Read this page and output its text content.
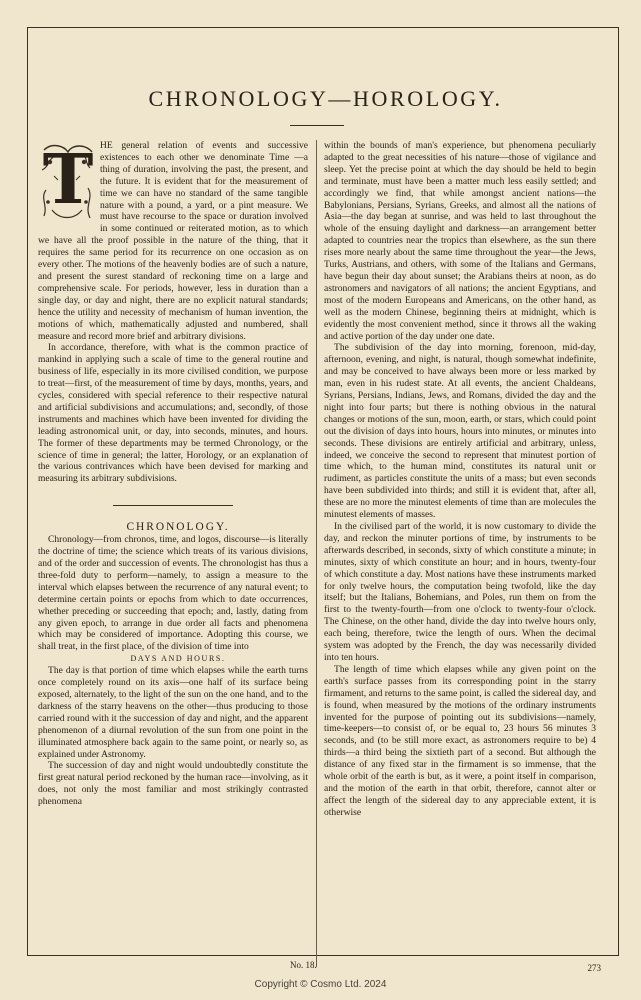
CHRONOLOGY—HOROLOGY.
T HE general relation of events and successive existences to each other we denominate Time —a thing of duration, involving the past, the present, and the future. It is evident that for the measurement of time we can have no standard of the same tangible nature with a pound, a yard, or a pint measure. We must have recourse to the space or duration involved in some continued or reiterated motion, as to which we have all the proof possible in the nature of the thing, that it requires the same period for its recurrence on one occasion as on every other. The motions of the heavenly bodies are of such a nature, and present the surest standard of reckoning time on a large and comprehensive scale. For periods, however, less in duration than a single day, or day and night, there are no explicit natural standards; hence the utility and necessity of mechanism of human invention, the motions of which, mathematically adjusted and numbered, shall measure and record more brief and arbitrary divisions.

In accordance, therefore, with what is the common practice of mankind in applying such a scale of time to the general routine and business of life, especially in its more civilised condition, we purpose to treat—first, of the measurement of time by days, months, years, and cycles, considered with special reference to their respective natural and artificial subdivisions and accumulations; and, secondly, of those instruments and machines which have been invented for dividing the leading astronomical unit, or day, into seconds, minutes, and hours. The former of these departments may be termed Chronology, or the science of time in general; the latter, Horology, or an explanation of the various contrivances which have been devised for marking and measuring its arbitrary subdivisions.

CHRONOLOGY.

Chronology—from chronos, time, and logos, discourse—is literally the doctrine of time; the science which treats of its various divisions, and of the order and succession of events. The chronologist has thus a three-fold duty to perform—namely, to assign a measure to the interval which elapses between the recurrence of any natural event; to determine certain points or epochs from which to date occurrences, whether preceding or succeeding that epoch; and, lastly, dating from any given epoch, to arrange in due order all facts and phenomena which may be considered of importance. Adopting this course, we shall treat, in the first place, of the division of time into

DAYS AND HOURS.

The day is that portion of time which elapses while the earth turns once completely round on its axis—one half of its surface being exposed, alternately, to the light of the sun on the one hand, and to the darkness of the starry heavens on the other—thus producing to those carried round with it the succession of day and night, and the apparent phenomenon of a diurnal revolution of the sun from one point in the illuminated atmosphere back again to the same point, or nearly so, as explained under Astronomy.

The succession of day and night would undoubtedly constitute the first great natural period reckoned by the human race—involving, as it does, not only the most familiar and most strikingly contrasted phenomena

within the bounds of man's experience, but phenomena peculiarly adapted to the great necessities of his nature—those of vigilance and sleep. Yet the precise point at which the day should be held to begin and terminate, must have been a matter much less easily settled; and accordingly we find, that while amongst ancient nations—the Babylonians, Persians, Syrians, Greeks, and almost all the nations of Asia—the day began at sunrise, and was held to last throughout the whole of the ensuing daylight and darkness—an arrangement better adapted to countries near the tropics than elsewhere, as the sun there rises more nearly about the same time throughout the year—the Jews, Turks, Austrians, and others, with some of the Italians and Germans, have begun their day about sunset; the Arabians theirs at noon, as do astronomers and navigators of all nations; the ancient Egyptians, and most of the modern Europeans and Americans, on the other hand, as well as the modern Chinese, beginning theirs at midnight, which is evidently the most convenient method, since it throws all the waking and active portion of the day under one date.

The subdivision of the day into morning, forenoon, mid-day, afternoon, evening, and night, is natural, though somewhat indefinite, and may be conceived to have always been more or less marked by man, even in his rudest state. At all events, the ancient Chaldeans, Syrians, Persians, Indians, Jews, and Romans, divided the day and the night into four parts; but there is nothing obvious in the natural changes or motions of the sun, moon, earth, or stars, which could point out the division of days into hours, hours into minutes, or minutes into seconds. These divisions are entirely artificial and arbitrary, unless, indeed, we conceive the second to represent that minutest portion of time which, to the human mind, constitutes its natural unit or rudiment, as particles constitute the units of a mass; but even seconds have been subdivided into thirds; and still it is evident that, after all, these are no more the minutest elements of time than are molecules the minutest elements of masses.

In the civilised part of the world, it is now customary to divide the day, and reckon the minuter portions of time, by instruments to be afterwards described, in seconds, sixty of which constitute a minute; in minutes, sixty of which constitute an hour; and in hours, twenty-four of which constitute a day. Most nations have these instruments marked for only twelve hours, the computation being twofold, like the day itself; but the Italians, Bohemians, and Poles, run them on from the first to the twenty-fourth—from one o'clock to twenty-four o'clock. The Chinese, on the other hand, divide the day into twelve hours only, each being, therefore, twice the length of ours. When the decimal system was adopted by the French, the day was necessarily divided into ten hours.

The length of time which elapses while any given point on the earth's surface passes from its corresponding point in the starry firmament, and returns to the same point, is called the sidereal day, and is found, when measured by the motions of the ordinary instruments invented for the purpose of pointing out its subdivisions—namely, time-keepers—to consist of, or be equal to, 23 hours 56 minutes 3 seconds, and (to be still more exact, as astronomers require to be) 4 thirds—a third being the sixtieth part of a second. But although the distance of any fixed star in the firmament is so immense, that the whole orbit of the earth is but, as it were, a point itself in comparison, and the motion of the earth in that orbit, therefore, cannot alter or affect the length of the sidereal day to any appreciable extent, it is otherwise

No. 18.	273
Copyright © Cosmo Ltd. 2024
